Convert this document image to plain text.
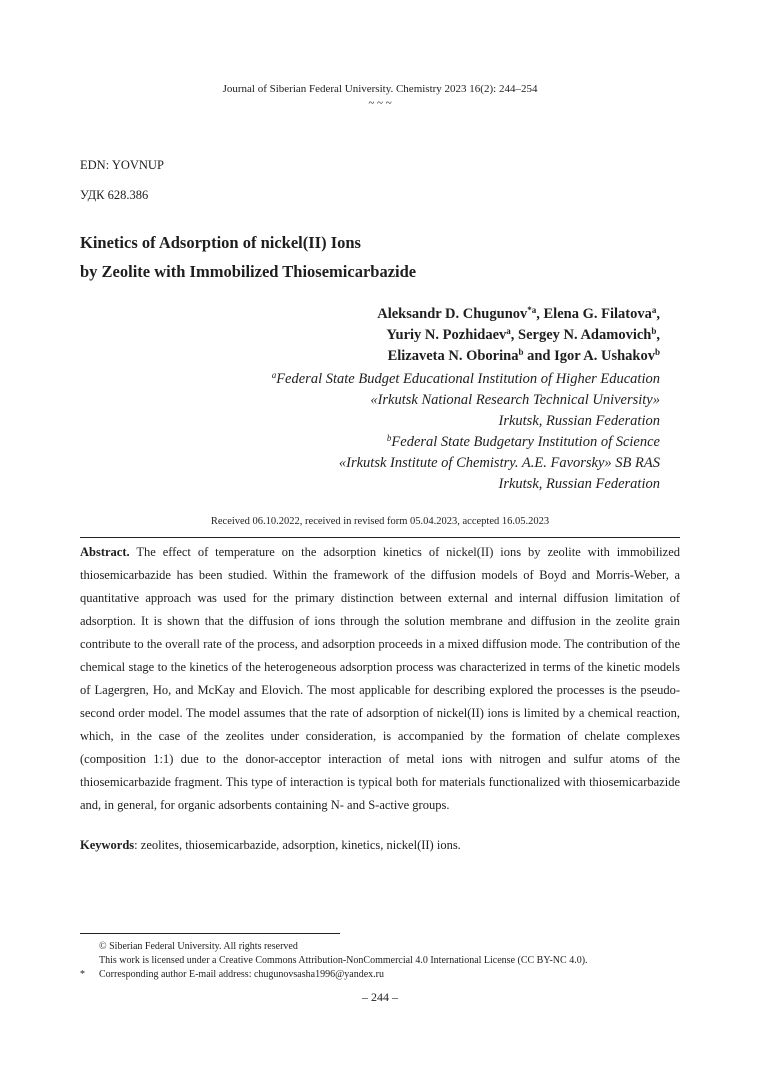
Journal of Siberian Federal University. Chemistry 2023 16(2): 244–254
~ ~ ~
EDN: YOVNUP
УДК 628.386
Kinetics of Adsorption of nickel(II) Ions
by Zeolite with Immobilized Thiosemicarbazide
Aleksandr D. Chugunov$^{*a}$, Elena G. Filatova$^a$,
Yuriy N. Pozhidaev$^a$, Sergey N. Adamovich$^b$,
Elizaveta N. Oborina$^b$ and Igor A. Ushakov$^b$
$^a$Federal State Budget Educational Institution of Higher Education
«Irkutsk National Research Technical University»
Irkutsk, Russian Federation
$^b$Federal State Budgetary Institution of Science
«Irkutsk Institute of Chemistry. A.E. Favorsky» SB RAS
Irkutsk, Russian Federation
Received 06.10.2022, received in revised form 05.04.2023, accepted 16.05.2023
Abstract. The effect of temperature on the adsorption kinetics of nickel(II) ions by zeolite with immobilized thiosemicarbazide has been studied. Within the framework of the diffusion models of Boyd and Morris-Weber, a quantitative approach was used for the primary distinction between external and internal diffusion limitation of adsorption. It is shown that the diffusion of ions through the solution membrane and diffusion in the zeolite grain contribute to the overall rate of the process, and adsorption proceeds in a mixed diffusion mode. The contribution of the chemical stage to the kinetics of the heterogeneous adsorption process was characterized in terms of the kinetic models of Lagergren, Ho, and McKay and Elovich. The most applicable for describing explored the processes is the pseudo-second order model. The model assumes that the rate of adsorption of nickel(II) ions is limited by a chemical reaction, which, in the case of the zeolites under consideration, is accompanied by the formation of chelate complexes (composition 1:1) due to the donor-acceptor interaction of metal ions with nitrogen and sulfur atoms of the thiosemicarbazide fragment. This type of interaction is typical both for materials functionalized with thiosemicarbazide and, in general, for organic adsorbents containing N- and S-active groups.
Keywords: zeolites, thiosemicarbazide, adsorption, kinetics, nickel(II) ions.
© Siberian Federal University. All rights reserved
This work is licensed under a Creative Commons Attribution-NonCommercial 4.0 International License (CC BY-NC 4.0).
* Corresponding author E-mail address: chugunovsasha1996@yandex.ru
– 244 –
